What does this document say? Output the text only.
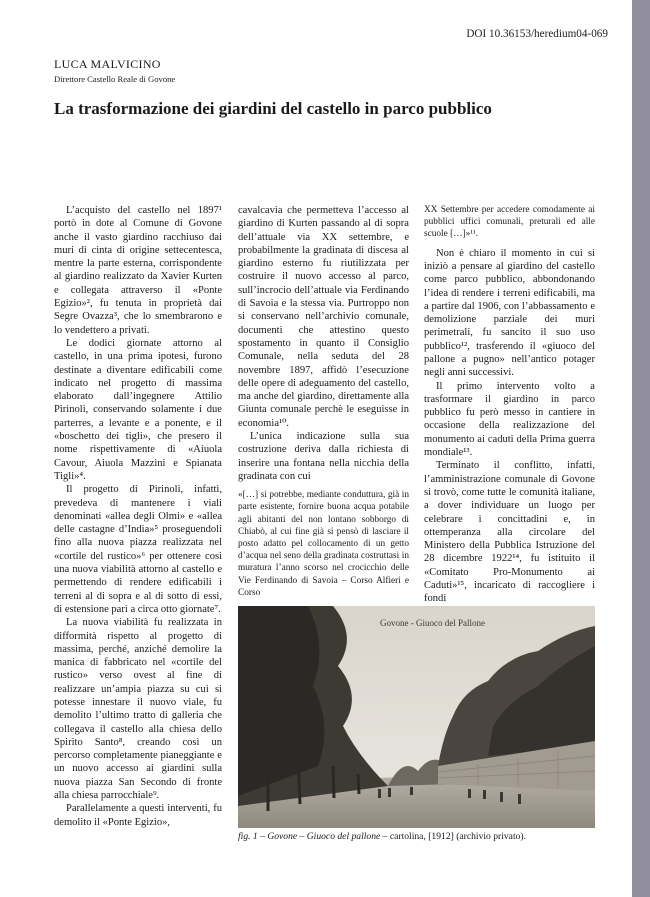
DOI 10.36153/heredium04-069
LUCA MALVICINO
Direttore Castello Reale di Govone
La trasformazione dei giardini del castello in parco pubblico

L’acquisto del castello nel 1897¹ portò in dote al Comune di Govone anche il vasto giardino racchiuso dai muri di cinta di origine settecentesca, mentre la parte esterna, corrispondente al giardino realizzato da Xavier Kurten e collegata attraverso il «Ponte Egizio»², fu tenuta in proprietà dai Segre Ovazza³, che lo smembrarono e lo vendettero a privati.

Le dodici giornate attorno al castello, in una prima ipotesi, furono destinate a diventare edificabili come indicato nel progetto di massima elaborato dall’ingegnere Attilio Pirinoli, conservando solamente i due parterres, a levante e a ponente, e il «boschetto dei tigli», che presero il nome rispettivamente di «Aiuola Cavour, Aiuola Mazzini e Spianata Tigli»⁴.

Il progetto di Pirinoli, infatti, prevedeva di mantenere i viali denominati «allea degli Olmi» e «allea delle castagne d’India»⁵ proseguendoli fino alla nuova piazza realizzata nel «cortile del rustico»⁶ per ottenere così una nuova viabilità attorno al castello e permettendo di rendere edificabili i terreni al di sopra e al di sotto di essi, di estensione pari a circa otto giornate⁷.

La nuova viabilità fu realizzata in difformità rispetto al progetto di massima, perché, anziché demolire la manica di fabbricato nel «cortile del rustico» verso ovest al fine di realizzare un’ampia piazza su cui si potesse innestare il nuovo viale, fu demolito l’ultimo tratto di galleria che collegava il castello alla chiesa dello Spirito Santo⁸, creando così un percorso completamente pianeggiante e un nuovo accesso ai giardini sulla nuova piazza San Secondo di fronte alla chiesa parrocchiale⁹.

Parallelamente a questi interventi, fu demolito il «Ponte Egizio»,

cavalcavia che permetteva l’accesso al giardino di Kurten passando al di sopra dell’attuale via XX settembre, e probabilmente la gradinata di discesa al giardino esterno fu riutilizzata per costruire il nuovo accesso al parco, sull’incrocio dell’attuale via Ferdinando di Savoia e la stessa via. Purtroppo non si conservano nell’archivio comunale, documenti che attestino questo spostamento in quanto il Consiglio Comunale, nella seduta del 28 novembre 1897, affidò l’esecuzione delle opere di adeguamento del castello, ma anche del giardino, direttamente alla Giunta comunale perchè le eseguisse in economia¹⁰.

L’unica indicazione sulla sua costruzione deriva dalla richiesta di inserire una fontana nella nicchia della gradinata con cui

«[…] si potrebbe, mediante conduttura, già in parte esistente, fornire buona acqua potabile agli abitanti del non lontano sobborgo di Chiabò, al cui fine già si pensò di lasciare il posto adatto pel collocamento di un getto d’acqua nel seno della gradinata costruttasi in muratura l’anno scorso nel crocicchio delle Vie Ferdinando di Savoia – Corso Alfieri e Corso

XX Settembre per accedere comodamente ai pubblici uffici comunali, preturali ed alle scuole […]»¹¹.

Non è chiaro il momento in cui si iniziò a pensare al giardino del castello come parco pubblico, abbondonando l’idea di rendere i terreni edificabili, ma a partire dal 1906, con l’abbassamento e demolizione parziale dei muri perimetrali, fu sancito il suo uso pubblico¹², trasferendo il «giuoco del pallone a pugno» nell’antico potager negli anni successivi.

Il primo intervento volto a trasformare il giardino in parco pubblico fu però messo in cantiere in occasione della realizzazione del monumento ai caduti della Prima guerra mondiale¹³.

Terminato il conflitto, infatti, l’amministrazione comunale di Govone si trovò, come tutte le comunità italiane, a dover individuare un luogo per celebrare i concittadini e, in ottemperanza alla circolare del Ministero della Pubblica Istruzione del 28 dicembre 1922¹⁴, fu istituito il «Comitato Pro-Monumento ai Caduti»¹⁵, incaricato di raccogliere i fondi

Govone - Giuoco del Pallone
fig. 1 – Govone – Giuoco del pallone – cartolina, [1912] (archivio privato).
